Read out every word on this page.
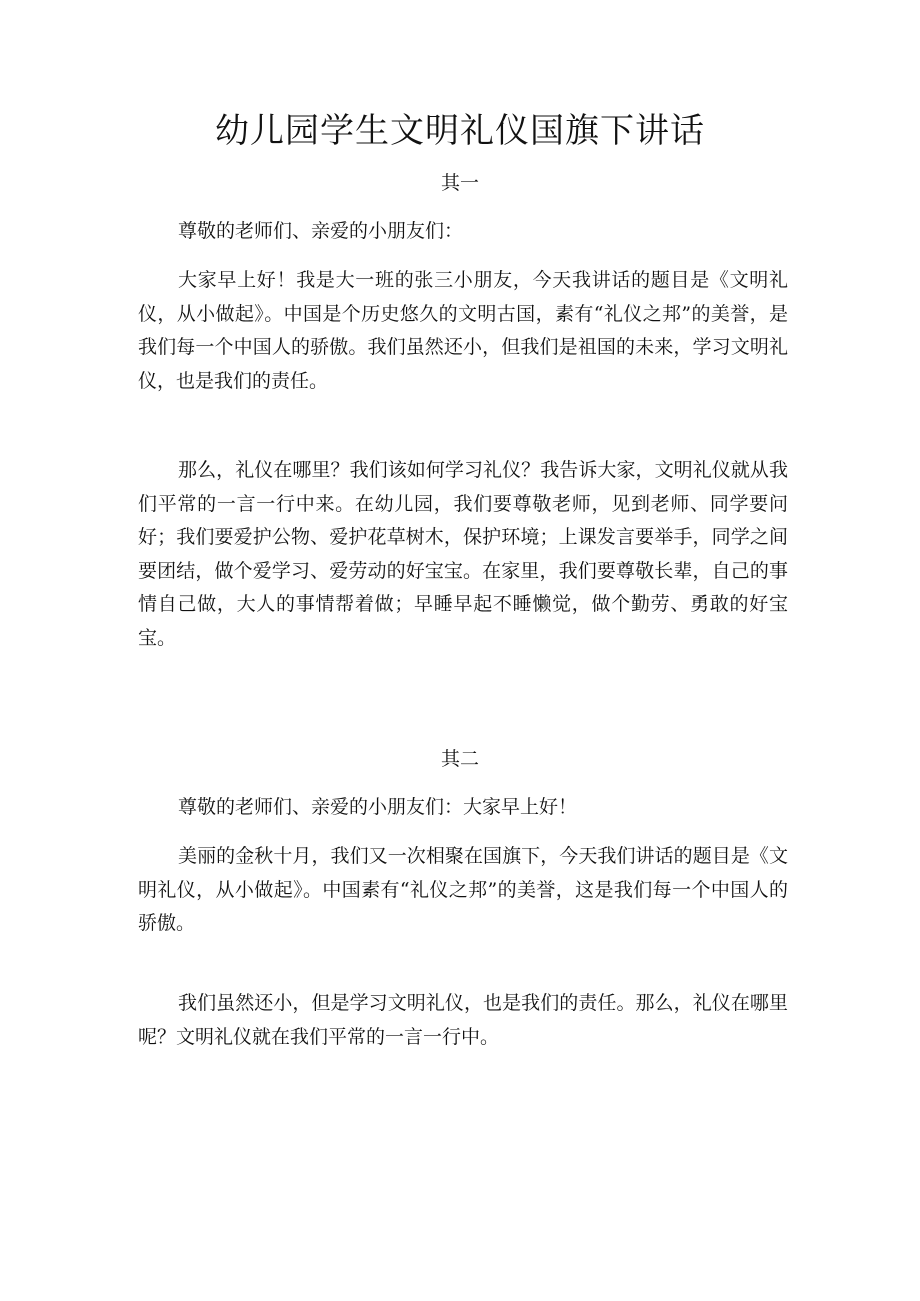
幼儿园学生文明礼仪国旗下讲话
其一

尊敬的老师们、亲爱的小朋友们：

大家早上好！我是大一班的张三小朋友，今天我讲话的题目是《文明礼仪，从小做起》。中国是个历史悠久的文明古国，素有“礼仪之邦”的美誉，是我们每一个中国人的骄傲。我们虽然还小，但我们是祖国的未来，学习文明礼仪，也是我们的责任。

那么，礼仪在哪里？我们该如何学习礼仪？我告诉大家，文明礼仪就从我们平常的一言一行中来。在幼儿园，我们要尊敬老师，见到老师、同学要问好；我们要爱护公物、爱护花草树木，保护环境；上课发言要举手，同学之间要团结，做个爱学习、爱劳动的好宝宝。在家里，我们要尊敬长辈，自己的事情自己做，大人的事情帮着做；早睡早起不睡懒觉，做个勤劳、勇敢的好宝宝。

其二

尊敬的老师们、亲爱的小朋友们：大家早上好！

美丽的金秋十月，我们又一次相聚在国旗下，今天我们讲话的题目是《文明礼仪，从小做起》。中国素有“礼仪之邦”的美誉，这是我们每一个中国人的骄傲。

我们虽然还小，但是学习文明礼仪，也是我们的责任。那么，礼仪在哪里呢？文明礼仪就在我们平常的一言一行中。
